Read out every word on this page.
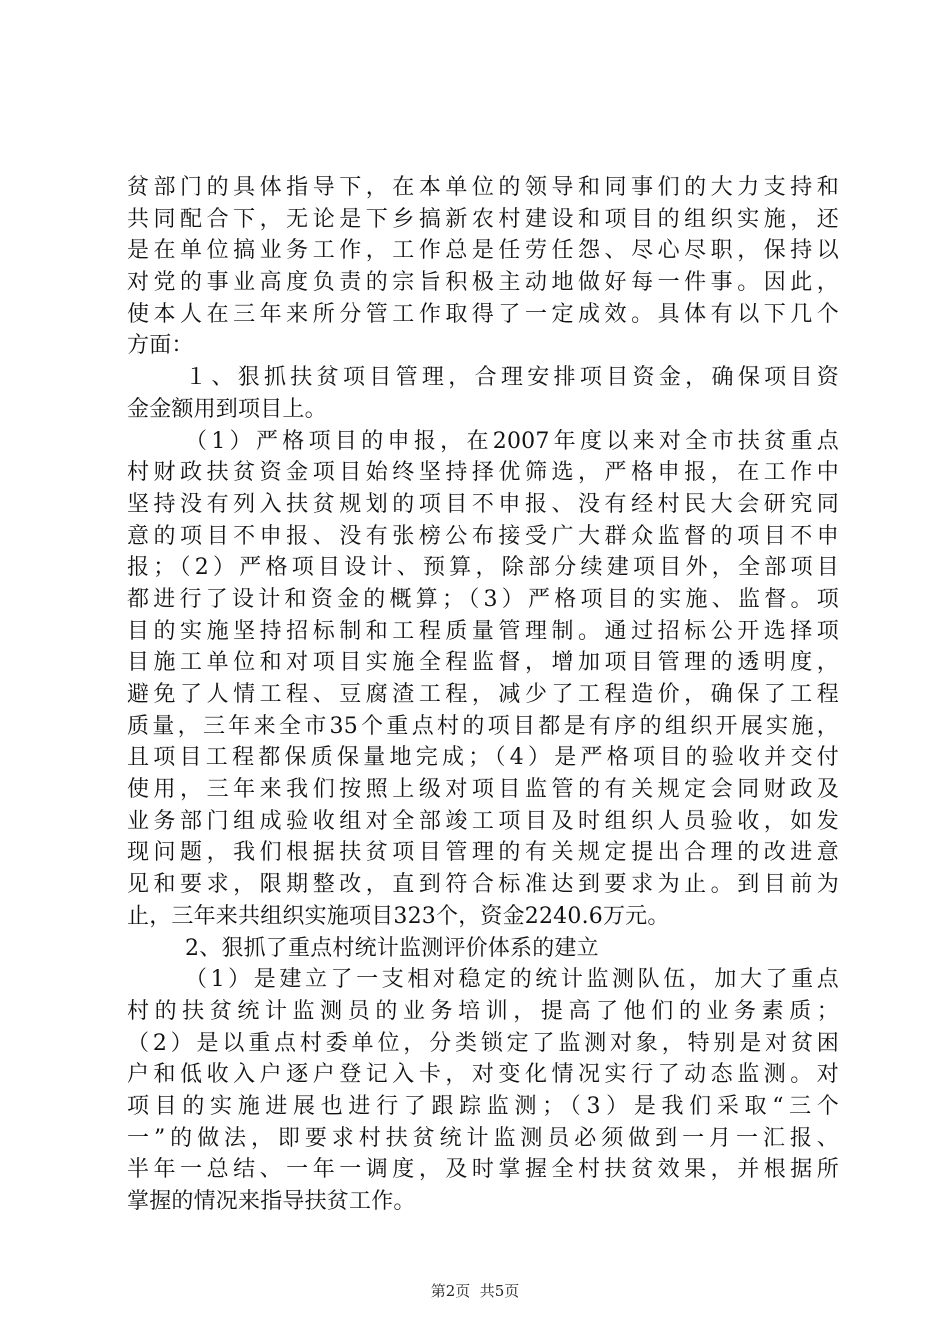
贫部门的具体指导下，在本单位的领导和同事们的大力支持和
共同配合下，无论是下乡搞新农村建设和项目的组织实施，还
是在单位搞业务工作，工作总是任劳任怨、尽心尽职，保持以
对党的事业高度负责的宗旨积极主动地做好每一件事。因此，
使本人在三年来所分管工作取得了一定成效。具体有以下几个
方面：
１、狠抓扶贫项目管理，合理安排项目资金，确保项目资
金金额用到项目上。
（1）严格项目的申报，在2007年度以来对全市扶贫重点
村财政扶贫资金项目始终坚持择优筛选，严格申报，在工作中
坚持没有列入扶贫规划的项目不申报、没有经村民大会研究同
意的项目不申报、没有张榜公布接受广大群众监督的项目不申
报；（2）严格项目设计、预算，除部分续建项目外，全部项目
都进行了设计和资金的概算；（3）严格项目的实施、监督。项
目的实施坚持招标制和工程质量管理制。通过招标公开选择项
目施工单位和对项目实施全程监督，增加项目管理的透明度，
避免了人情工程、豆腐渣工程，减少了工程造价，确保了工程
质量，三年来全市35个重点村的项目都是有序的组织开展实施，
且项目工程都保质保量地完成；（4）是严格项目的验收并交付
使用，三年来我们按照上级对项目监管的有关规定会同财政及
业务部门组成验收组对全部竣工项目及时组织人员验收，如发
现问题，我们根据扶贫项目管理的有关规定提出合理的改进意
见和要求，限期整改，直到符合标准达到要求为止。到目前为
止，三年来共组织实施项目323个，资金2240.6万元。
2、狠抓了重点村统计监测评价体系的建立
（1）是建立了一支相对稳定的统计监测队伍，加大了重点
村的扶贫统计监测员的业务培训，提高了他们的业务素质；
（2）是以重点村委单位，分类锁定了监测对象，特别是对贫困
户和低收入户逐户登记入卡，对变化情况实行了动态监测。对
项目的实施进展也进行了跟踪监测；（3）是我们采取“三个
一”的做法，即要求村扶贫统计监测员必须做到一月一汇报、
半年一总结、一年一调度，及时掌握全村扶贫效果，并根据所
掌握的情况来指导扶贫工作。
第2页  共5页
